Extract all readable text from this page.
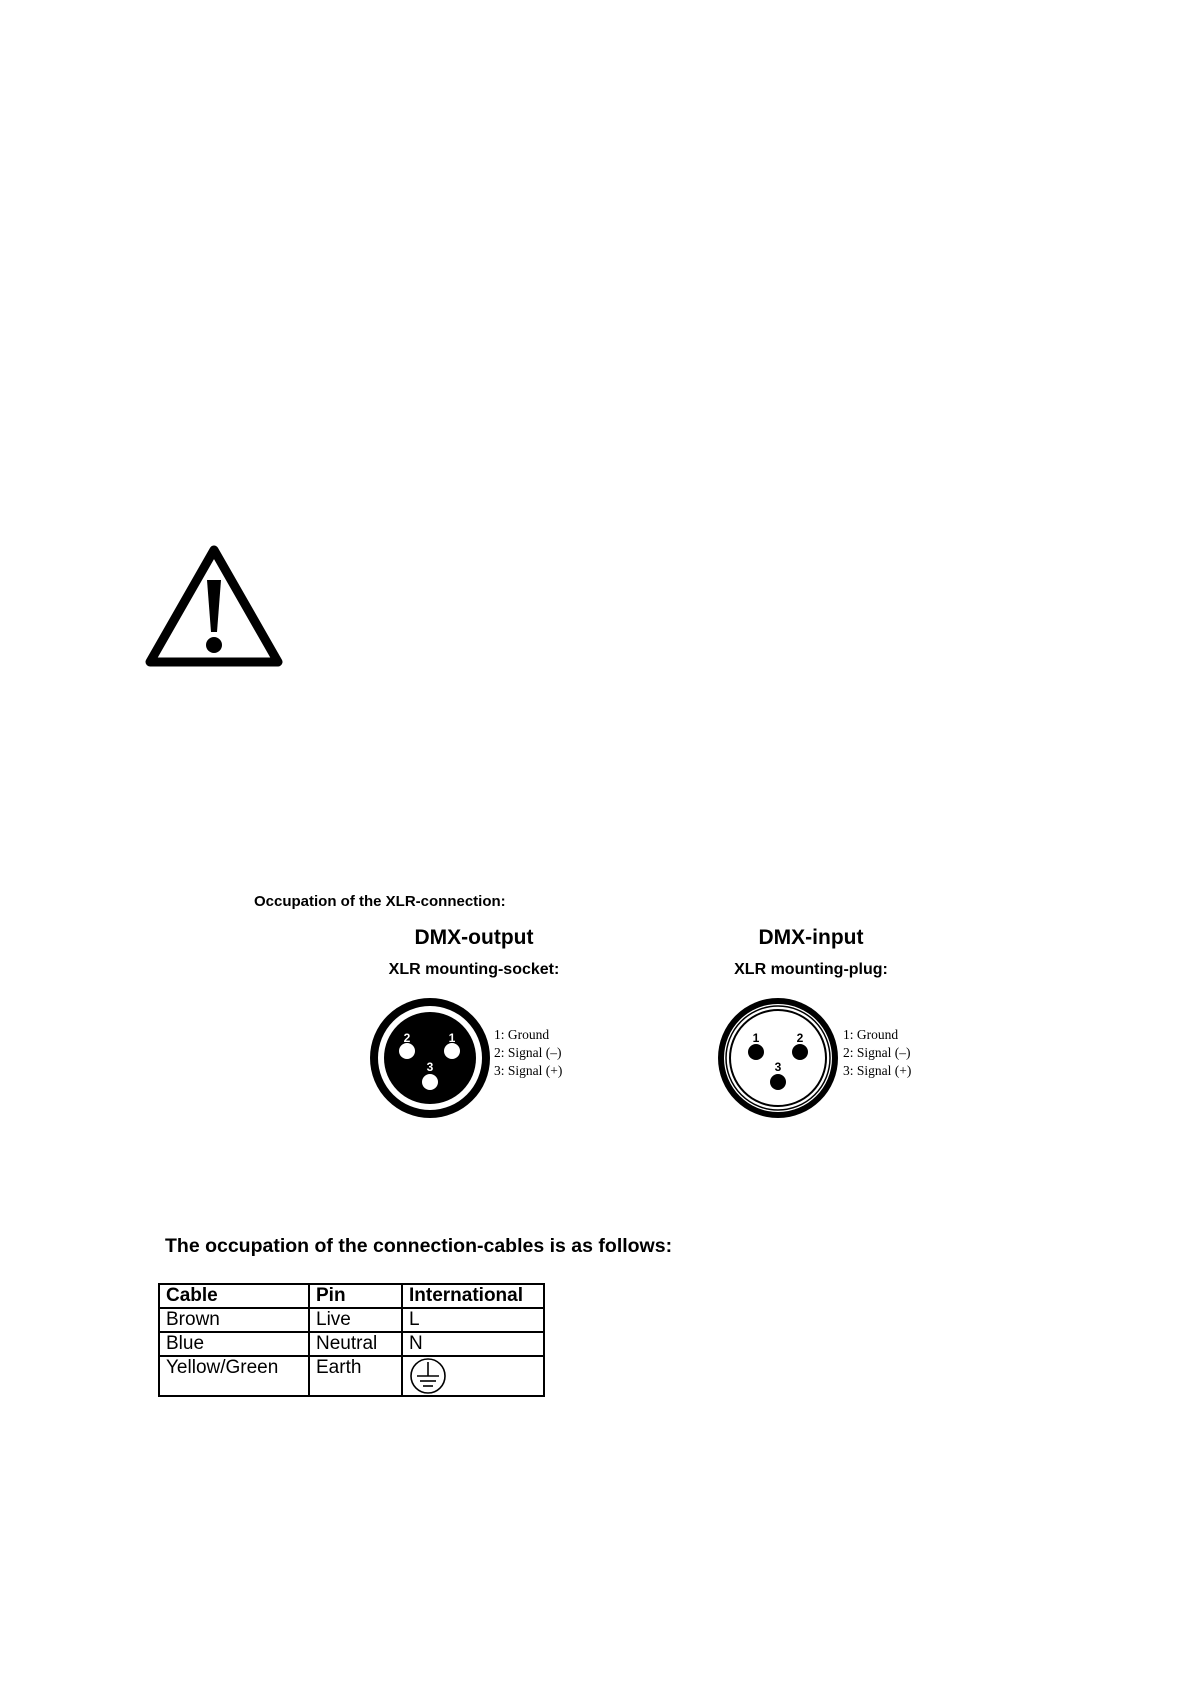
Occupation of the XLR-connection:
DMX-output
XLR mounting-socket:
DMX-input
XLR mounting-plug:
2	1
3
1: Ground
2: Signal (–)
3: Signal (+)
1	2
3
1: Ground
2: Signal (–)
3: Signal (+)
The occupation of the connection-cables is as follows:
Cable	Pin	International
Brown	Live	L
Blue	Neutral	N
Yellow/Green	Earth	
